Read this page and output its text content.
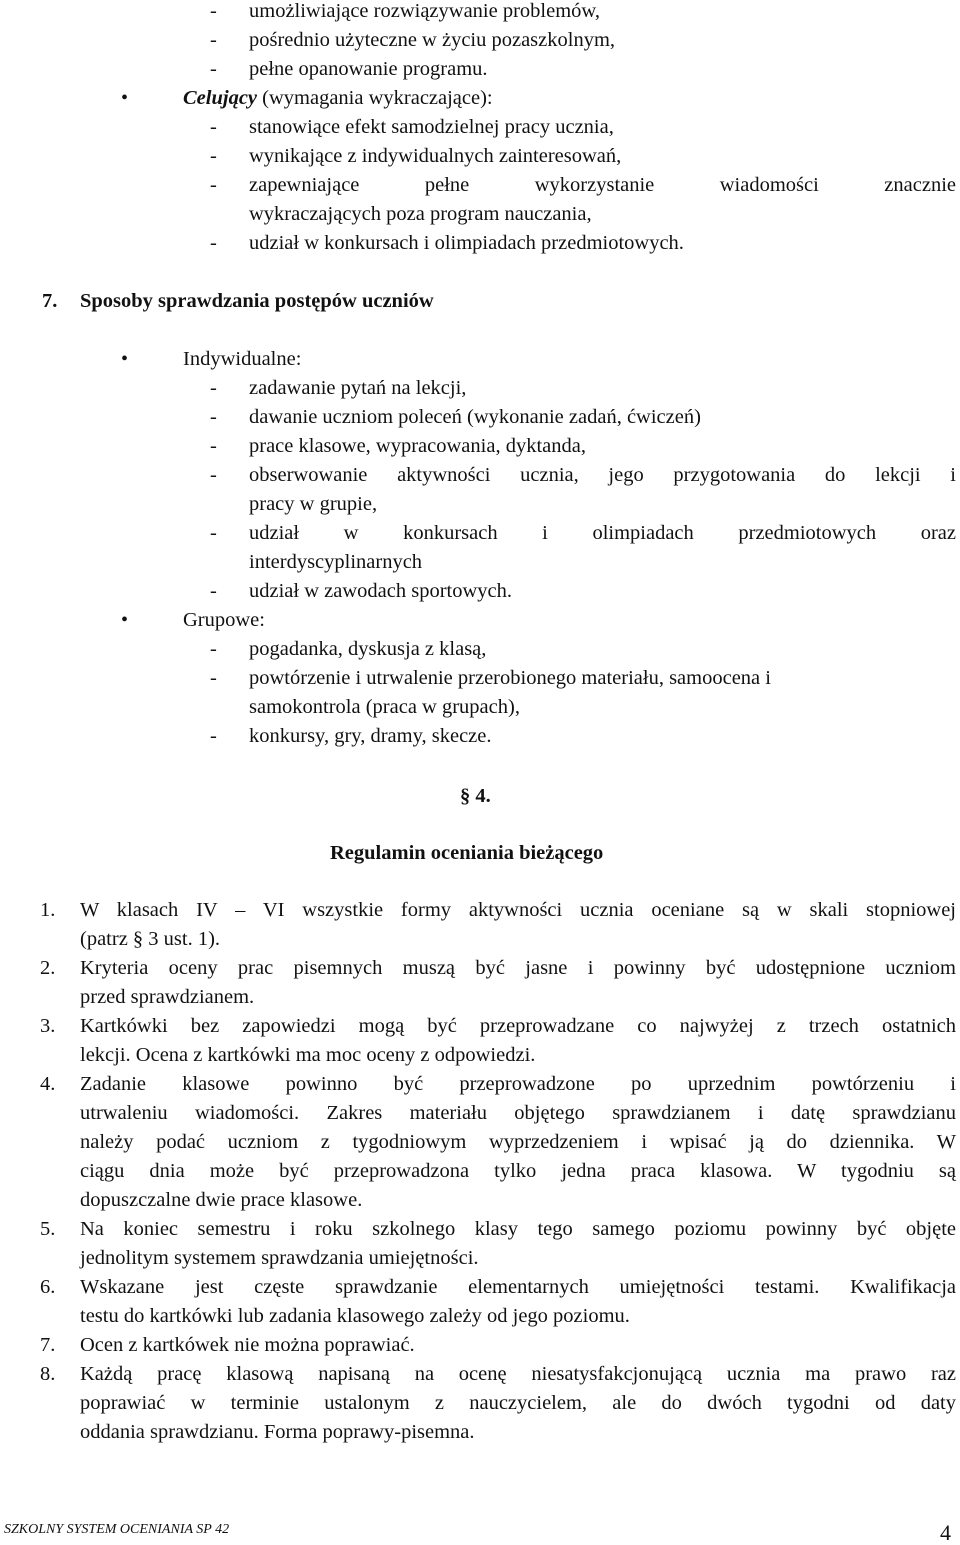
- umożliwiające rozwiązywanie problemów,
- pośrednio użyteczne w życiu pozaszkolnym,
- pełne opanowanie programu.
•	Celujący (wymagania wykraczające):
- stanowiące efekt samodzielnej pracy ucznia,
- wynikające z indywidualnych zainteresowań,
- zapewniające pełne wykorzystanie wiadomości znacznie
wykraczających poza program nauczania,
- udział w konkursach i olimpiadach przedmiotowych.
7. Sposoby sprawdzania postępów uczniów
•	Indywidualne:
- zadawanie pytań na lekcji,
- dawanie uczniom poleceń (wykonanie zadań, ćwiczeń)
- prace klasowe, wypracowania, dyktanda,
- obserwowanie aktywności ucznia, jego przygotowania do lekcji i
pracy w grupie,
- udział w konkursach i olimpiadach przedmiotowych oraz
interdyscyplinarnych
- udział w zawodach sportowych.
•	Grupowe:
- pogadanka, dyskusja z klasą,
- powtórzenie i utrwalenie przerobionego materiału, samoocena i
samokontrola (praca w grupach),
- konkursy, gry, dramy, skecze.
§ 4.
Regulamin oceniania bieżącego
1. W klasach IV – VI wszystkie formy aktywności ucznia oceniane są w skali stopniowej
(patrz § 3 ust. 1).
2. Kryteria oceny prac pisemnych muszą być jasne i powinny być udostępnione uczniom
przed sprawdzianem.
3. Kartkówki bez zapowiedzi mogą być przeprowadzane co najwyżej z trzech ostatnich
lekcji. Ocena z kartkówki ma moc oceny z odpowiedzi.
4. Zadanie klasowe powinno być przeprowadzone po uprzednim powtórzeniu i
utrwaleniu wiadomości. Zakres materiału objętego sprawdzianem i datę sprawdzianu
należy podać uczniom z tygodniowym wyprzedzeniem i wpisać ją do dziennika. W
ciągu dnia może być przeprowadzona tylko jedna praca klasowa. W tygodniu są
dopuszczalne dwie prace klasowe.
5. Na koniec semestru i roku szkolnego klasy tego samego poziomu powinny być objęte
jednolitym systemem sprawdzania umiejętności.
6. Wskazane jest częste sprawdzanie elementarnych umiejętności testami. Kwalifikacja
testu do kartkówki lub zadania klasowego zależy od jego poziomu.
7. Ocen z kartkówek nie można poprawiać.
8. Każdą pracę klasową napisaną na ocenę niesatysfakcjonującą ucznia ma prawo raz
poprawiać w terminie ustalonym z nauczycielem, ale do dwóch tygodni od daty
oddania sprawdzianu. Forma poprawy-pisemna.
SZKOLNY SYSTEM OCENIANIA SP 42	4
